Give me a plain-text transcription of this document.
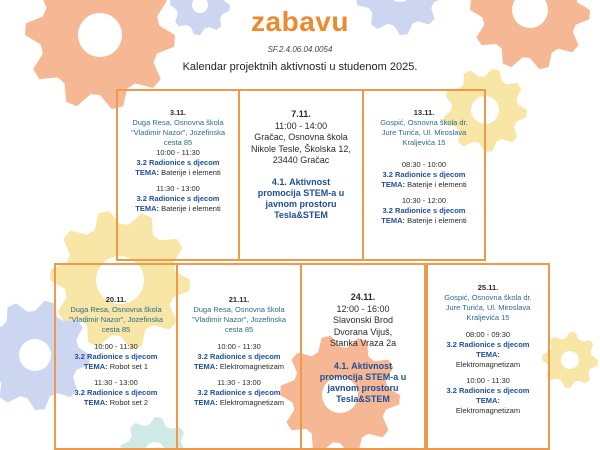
zabavu
SF.2.4.06.04.0054
Kalendar projektnih aktivnosti u studenom 2025.
3.11.
Duga Resa, Osnovna škola "Vladimir Nazor", Jozefinska cesta 85
10:00 - 11:30
3.2 Radionice s djecom
TEMA: Baterije i elementi
11:30 - 13:00
3.2 Radionice s djecom
TEMA: Baterije i elementi
7.11.
11:00 - 14:00
Gračac, Osnovna škola Nikole Tesle, Školska 12, 23440 Gračac
4.1. Aktivnost promocija STEM-a u javnom prostoru Tesla&STEM
13.11.
Gospić, Osnovna škola dr. Jure Turića, Ul. Miroslava Kraljevića 15
08:30 - 10:00
3.2 Radionice s djecom
TEMA: Baterije i elementi
10:30 - 12:00
3.2 Radionice s djecom
TEMA: Baterije i elementi
20.11.
Duga Resa, Osnovna škola "Vladimir Nazor", Jozefinska cesta 85
10:00 - 11:30
3.2 Radionice s djecom
TEMA: Robot set 1
11:30 - 13:00
3.2 Radionice s djecom
TEMA: Robot set 2
21.11.
Duga Resa, Osnovna škola "Vladimir Nazor", Jozefinska cesta 85
10:00 - 11:30
3.2 Radionice s djecom
TEMA: Elektromagnetizam
11:30 - 13:00
3.2 Radionice s djecom
TEMA: Elektromagnetizam
24.11.
12:00 - 16:00
Slavonski Brod Dvorana Vijuš, Stanka Vraza 2a
4.1. Aktivnost promocija STEM-a u javnom prostoru Tesla&STEM
25.11.
Gospić, Osnovna škola dr. Jure Turića, Ul. Miroslava Kraljevića 15
08:00 - 09:30
3.2 Radionice s djecom
TEMA:
Elektromagnetizam
10:00 - 11:30
3.2 Radionice s djecom
TEMA:
Elektromagnetizam
